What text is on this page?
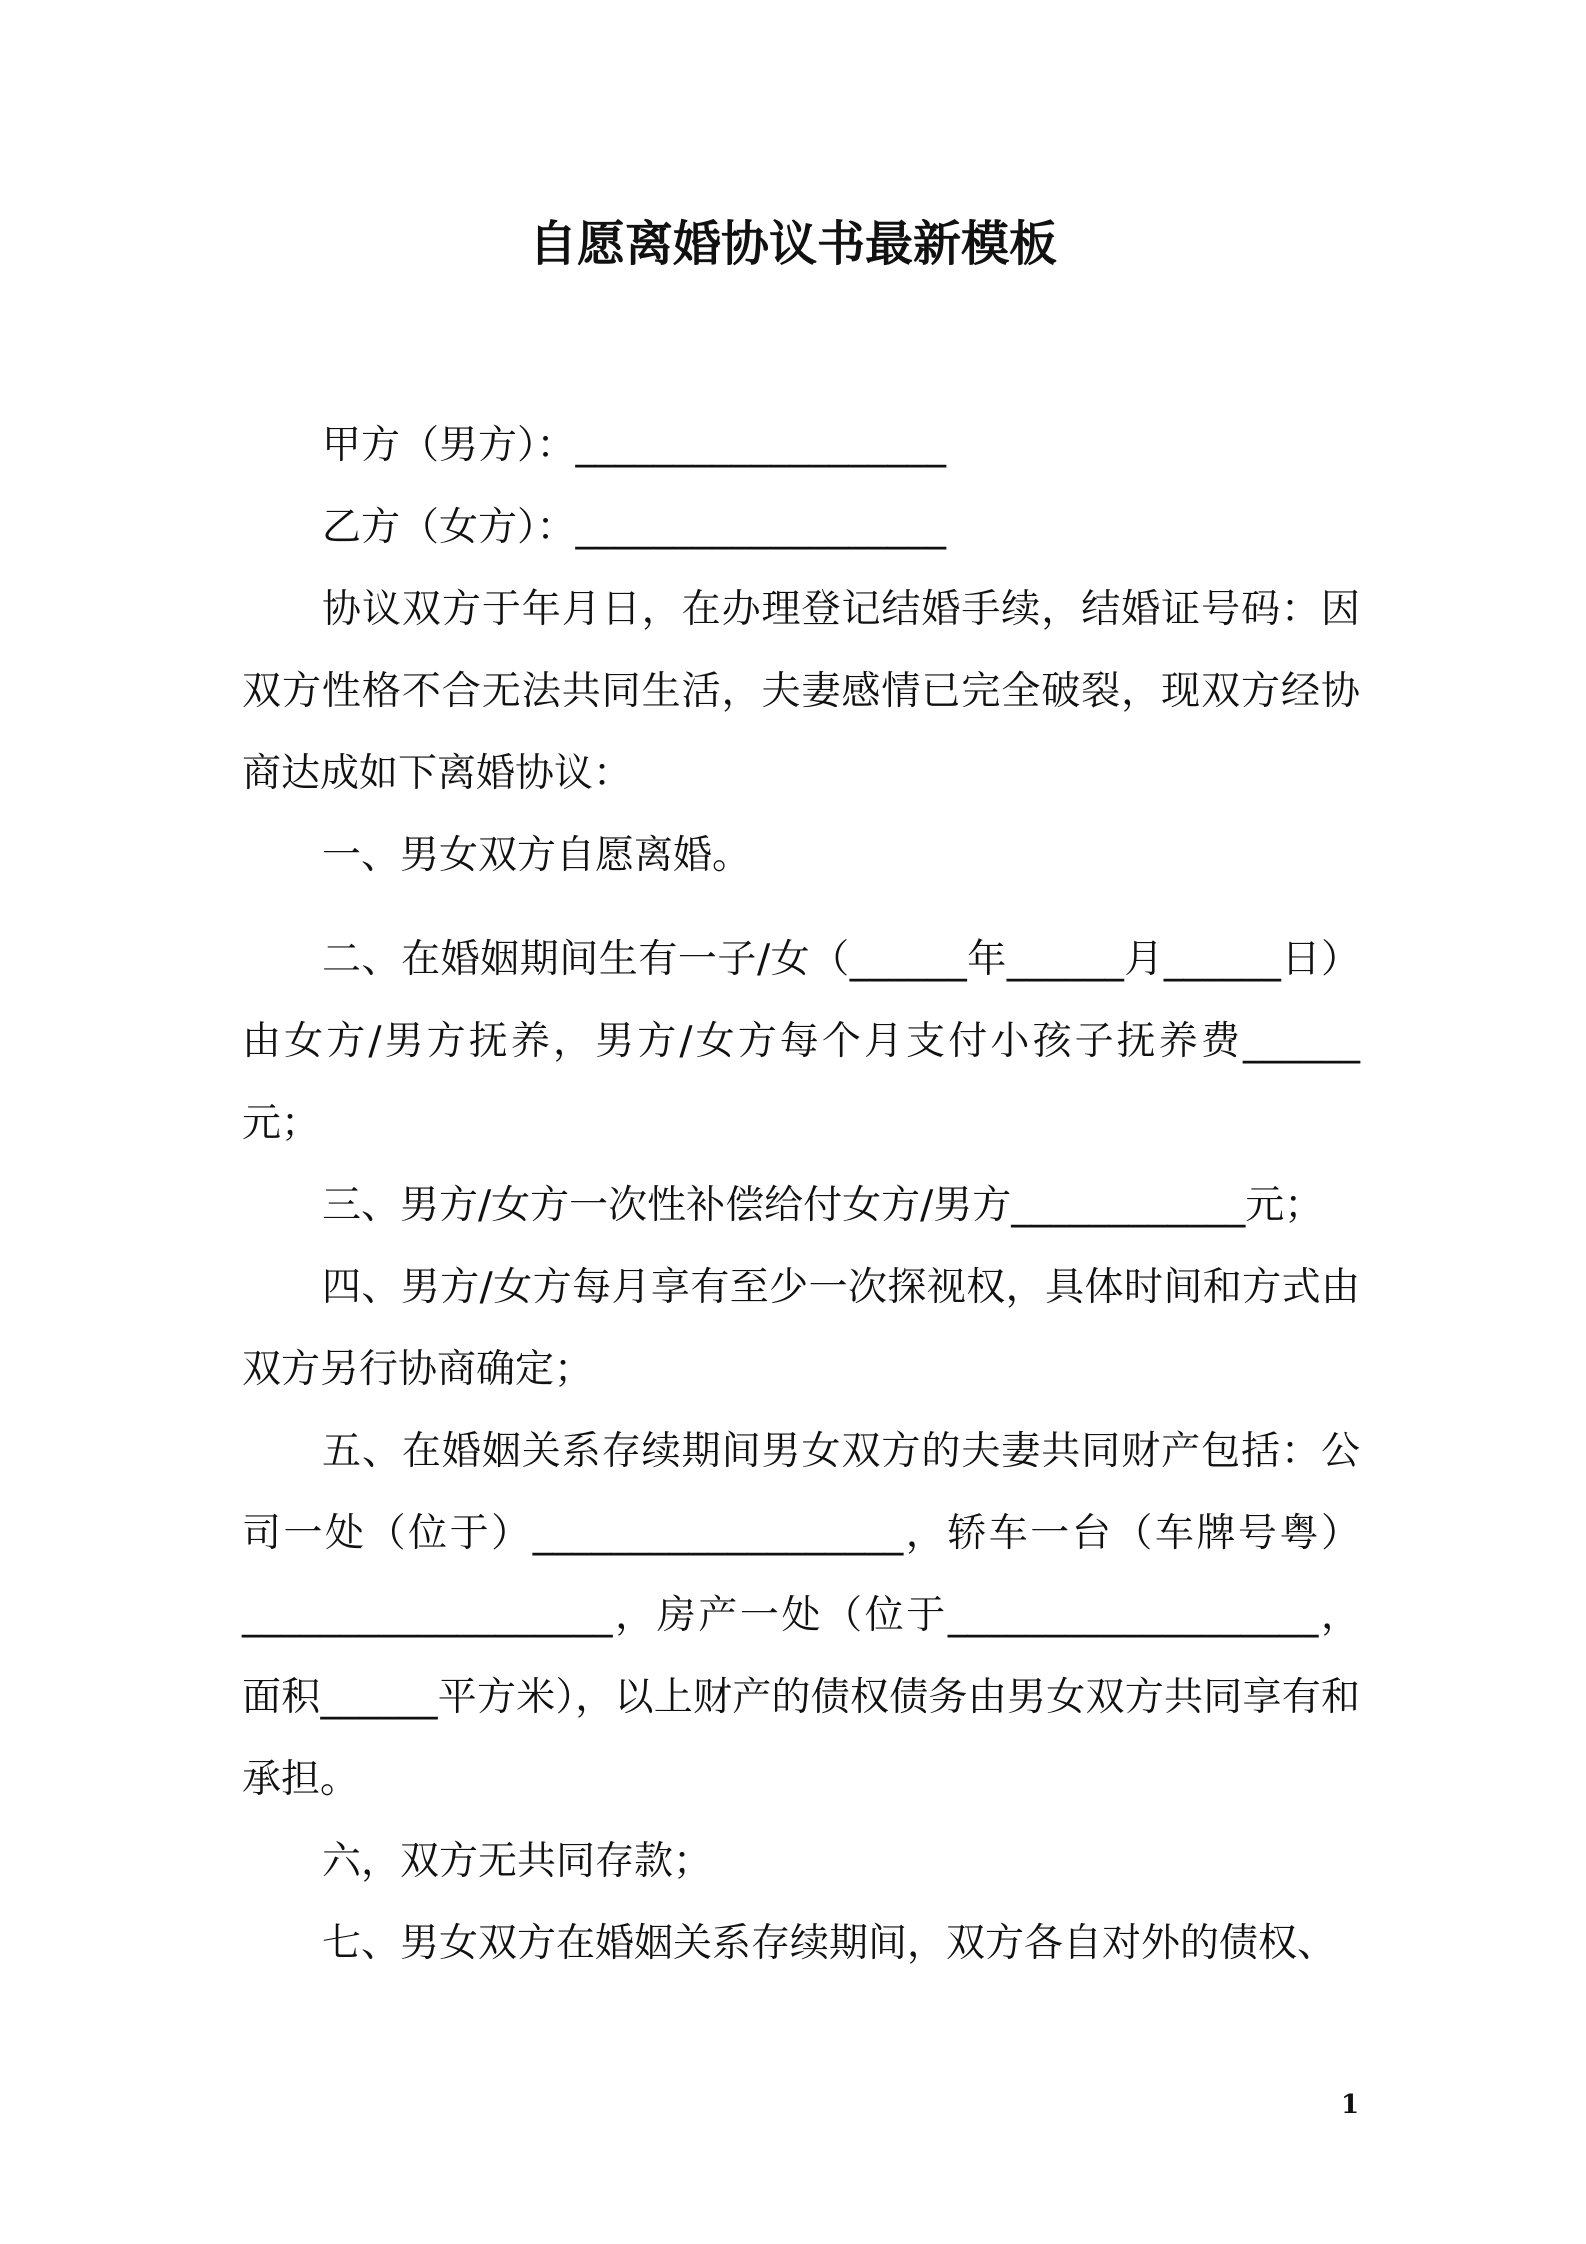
自愿离婚协议书最新模板

甲方（男方）：___________________

乙方（女方）：___________________

协议双方于年月日，在办理登记结婚手续，结婚证号码：因双方性格不合无法共同生活，夫妻感情已完全破裂，现双方经协商达成如下离婚协议：

一、男女双方自愿离婚。

二、在婚姻期间生有一子/女（______年______月______日）由女方/男方抚养，男方/女方每个月支付小孩子抚养费______元；

三、男方/女方一次性补偿给付女方/男方____________元；

四、男方/女方每月享有至少一次探视权，具体时间和方式由双方另行协商确定；

五、在婚姻关系存续期间男女双方的夫妻共同财产包括：公司一处（位于）___________________，轿车一台（车牌号粤）___________________，房产一处（位于___________________，面积______平方米），以上财产的债权债务由男女双方共同享有和承担。

六，双方无共同存款；

七、男女双方在婚姻关系存续期间，双方各自对外的债权、

1
